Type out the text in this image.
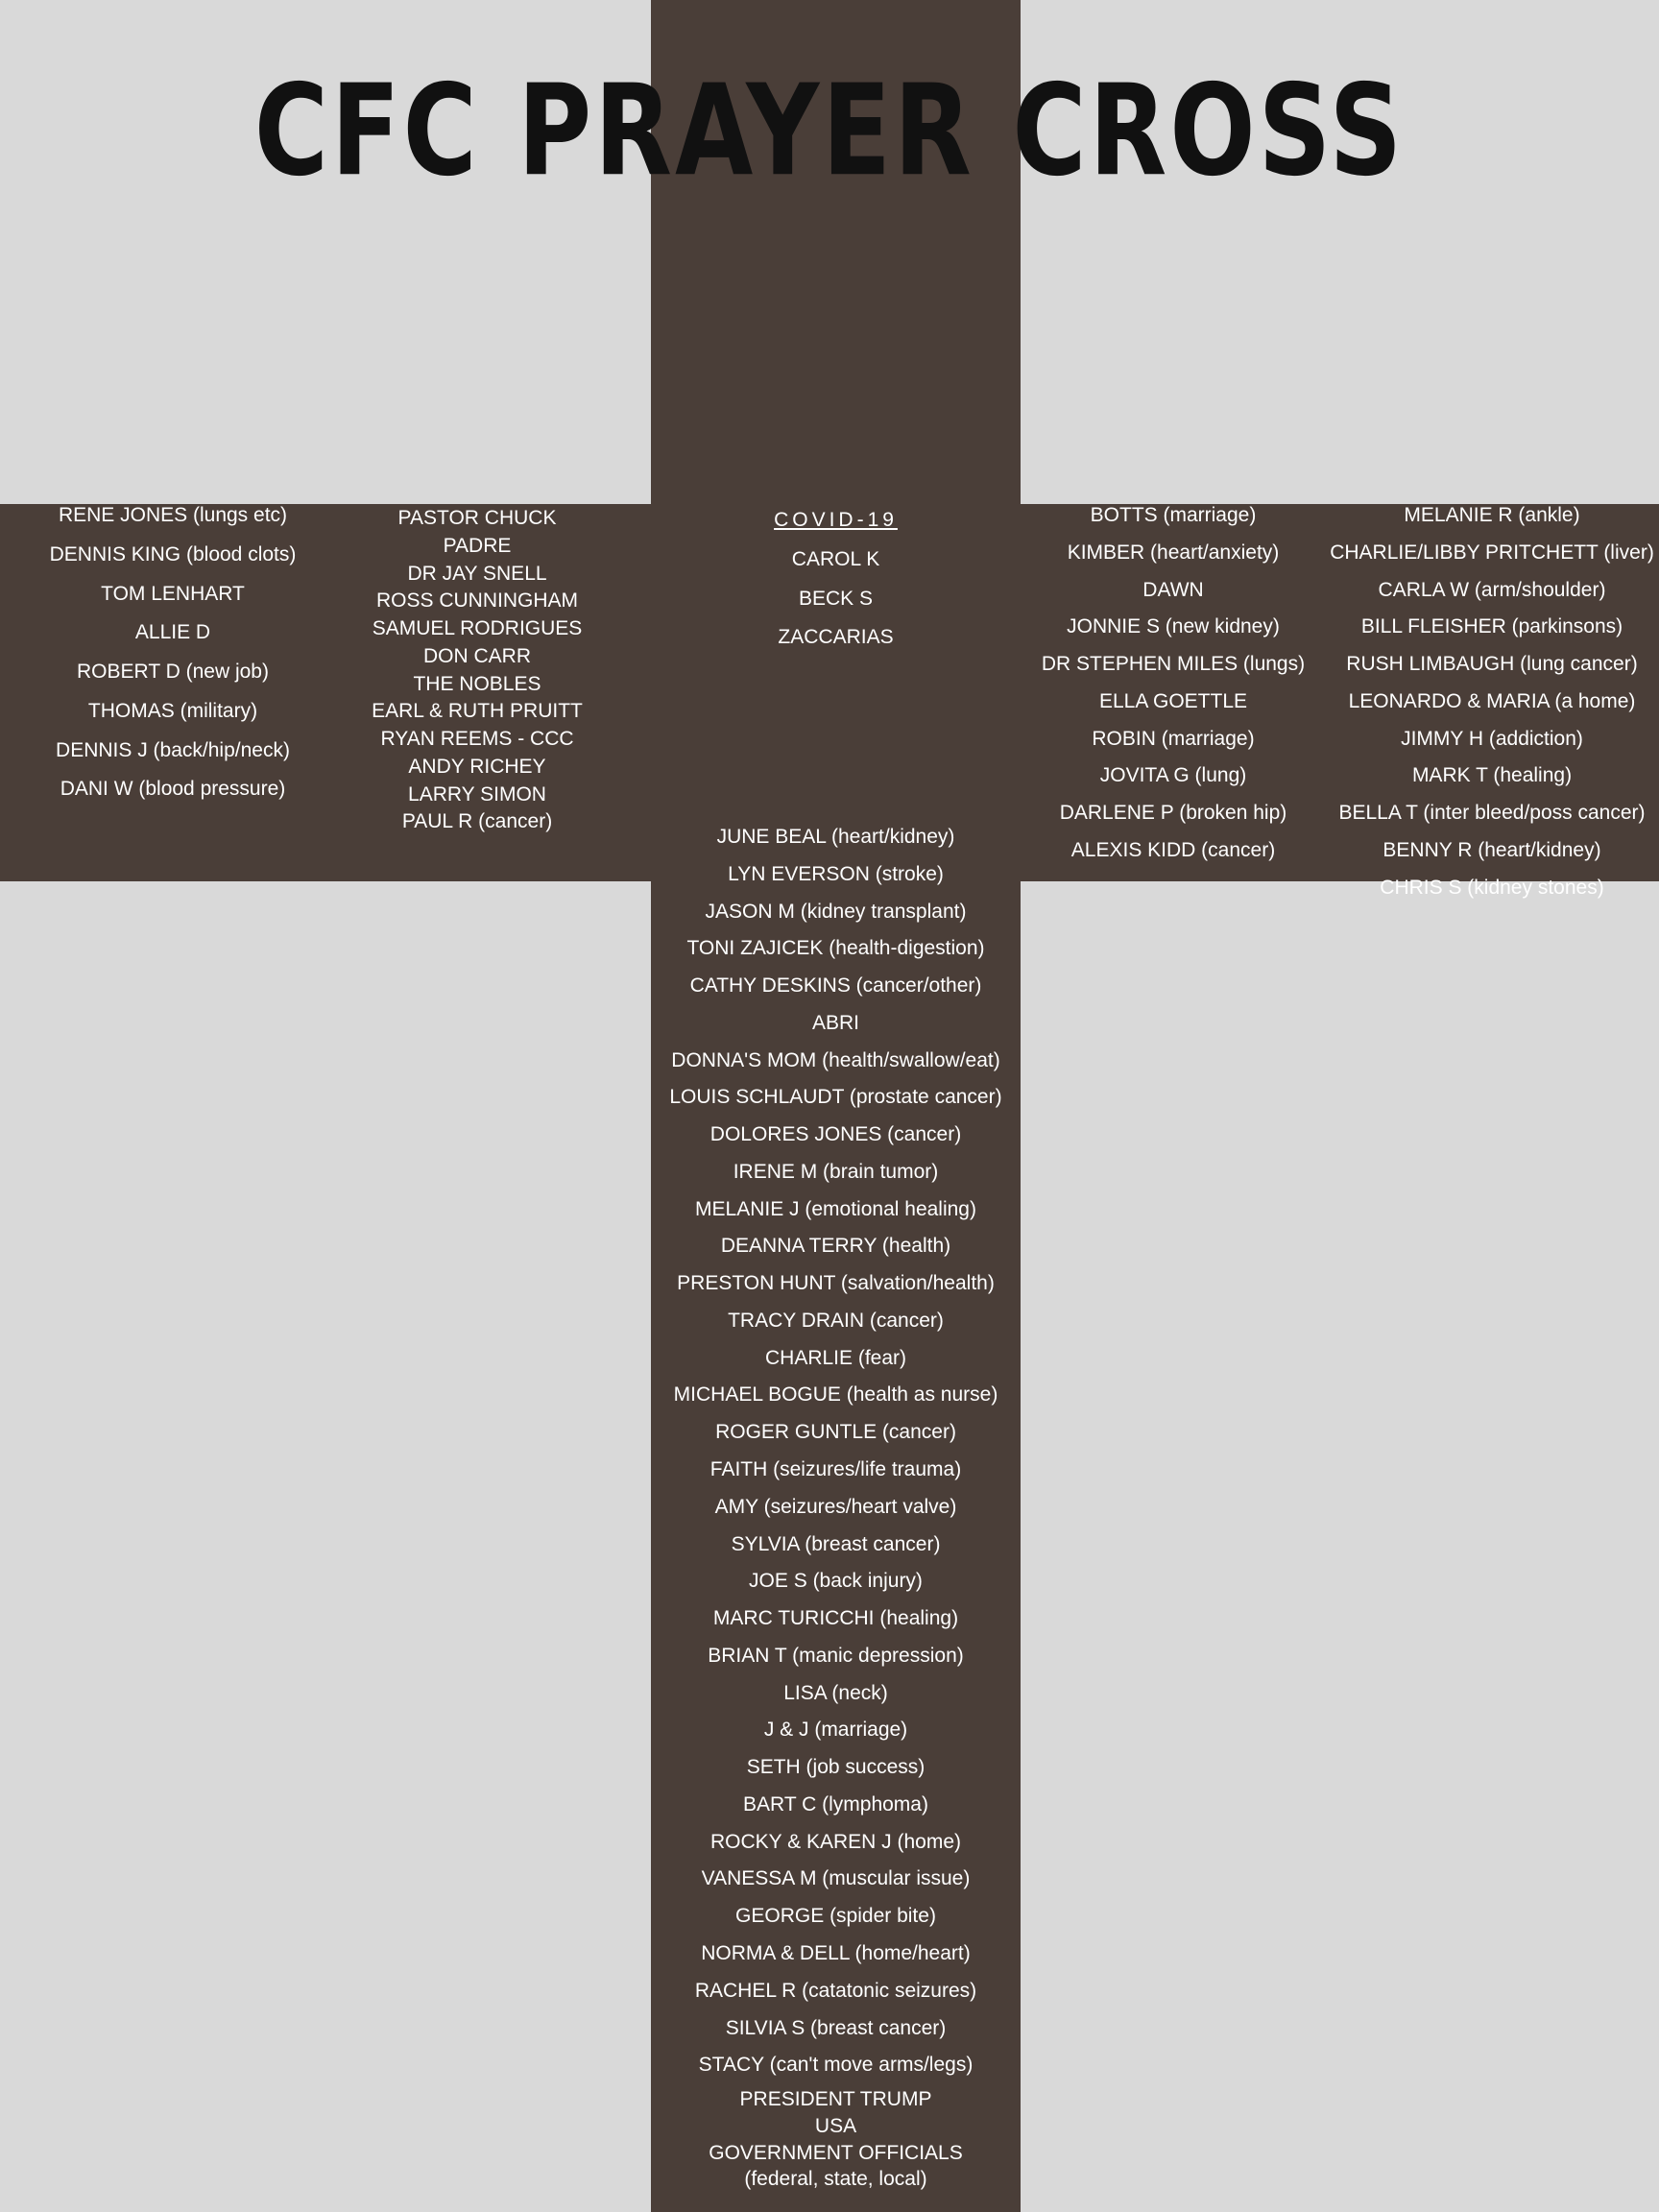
CFC PRAYER CROSS
RENE JONES (lungs etc)
DENNIS KING (blood clots)
TOM LENHART
ALLIE D
ROBERT D (new job)
THOMAS (military)
DENNIS J (back/hip/neck)
DANI W (blood pressure)
PASTOR CHUCK
PADRE
DR JAY SNELL
ROSS CUNNINGHAM
SAMUEL RODRIGUES
DON CARR
THE NOBLES
EARL & RUTH PRUITT
RYAN REEMS - CCC
ANDY RICHEY
LARRY SIMON
PAUL R (cancer)
COVID-19
CAROL K
BECK S
ZACCARIAS
BOTTS (marriage)
KIMBER (heart/anxiety)
DAWN
JONNIE S (new kidney)
DR STEPHEN MILES (lungs)
ELLA GOETTLE
ROBIN (marriage)
JOVITA G (lung)
DARLENE P (broken hip)
ALEXIS KIDD (cancer)
MELANIE R (ankle)
CHARLIE/LIBBY PRITCHETT (liver)
CARLA W (arm/shoulder)
BILL FLEISHER (parkinsons)
RUSH LIMBAUGH (lung cancer)
LEONARDO & MARIA (a home)
JIMMY H (addiction)
MARK T (healing)
BELLA T (inter bleed/poss cancer)
BENNY R (heart/kidney)
CHRIS S (kidney stones)
JUNE BEAL (heart/kidney)
LYN EVERSON (stroke)
JASON M (kidney transplant)
TONI ZAJICEK (health-digestion)
CATHY DESKINS (cancer/other)
ABRI
DONNA'S MOM (health/swallow/eat)
LOUIS SCHLAUDT (prostate cancer)
DOLORES JONES (cancer)
IRENE M (brain tumor)
MELANIE J (emotional healing)
DEANNA TERRY (health)
PRESTON HUNT (salvation/health)
TRACY DRAIN (cancer)
CHARLIE (fear)
MICHAEL BOGUE (health as nurse)
ROGER GUNTLE (cancer)
FAITH (seizures/life trauma)
AMY (seizures/heart valve)
SYLVIA (breast cancer)
JOE S (back injury)
MARC TURICCHI (healing)
BRIAN T (manic depression)
LISA (neck)
J & J (marriage)
SETH (job success)
BART C (lymphoma)
ROCKY & KAREN J (home)
VANESSA M (muscular issue)
GEORGE (spider bite)
NORMA & DELL (home/heart)
RACHEL R (catatonic seizures)
SILVIA S (breast cancer)
STACY (can't move arms/legs)
PRESIDENT TRUMP
USA
GOVERNMENT OFFICIALS
(federal, state, local)
